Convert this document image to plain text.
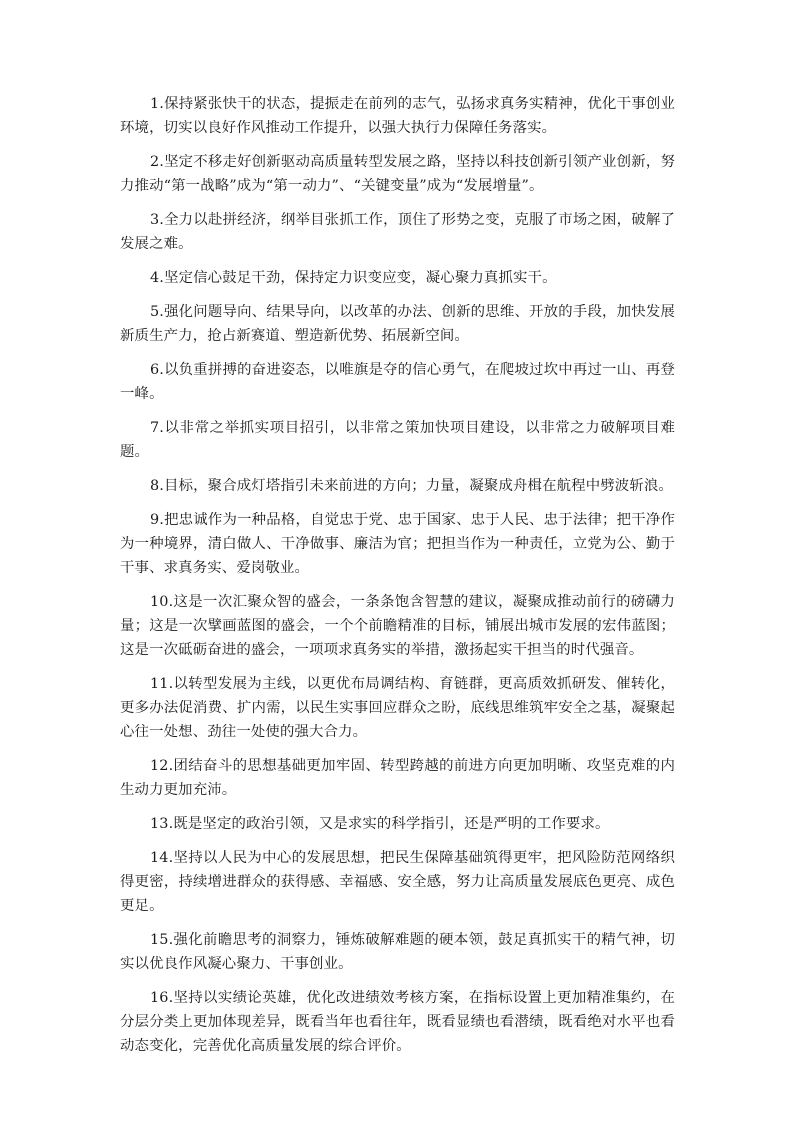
1.保持紧张快干的状态，提振走在前列的志气，弘扬求真务实精神，优化干事创业环境，切实以良好作风推动工作提升，以强大执行力保障任务落实。

2.坚定不移走好创新驱动高质量转型发展之路，坚持以科技创新引领产业创新，努力推动“第一战略”成为“第一动力”、“关键变量”成为“发展增量”。

3.全力以赴拼经济，纲举目张抓工作，顶住了形势之变，克服了市场之困，破解了发展之难。

4.坚定信心鼓足干劲，保持定力识变应变，凝心聚力真抓实干。

5.强化问题导向、结果导向，以改革的办法、创新的思维、开放的手段，加快发展新质生产力，抢占新赛道、塑造新优势、拓展新空间。

6.以负重拼搏的奋进姿态，以唯旗是夺的信心勇气，在爬坡过坎中再过一山、再登一峰。

7.以非常之举抓实项目招引，以非常之策加快项目建设，以非常之力破解项目难题。

8.目标，聚合成灯塔指引未来前进的方向；力量，凝聚成舟楫在航程中劈波斩浪。

9.把忠诚作为一种品格，自觉忠于党、忠于国家、忠于人民、忠于法律；把干净作为一种境界，清白做人、干净做事、廉洁为官；把担当作为一种责任，立党为公、勤于干事、求真务实、爱岗敬业。

10.这是一次汇聚众智的盛会，一条条饱含智慧的建议，凝聚成推动前行的磅礴力量；这是一次擘画蓝图的盛会，一个个前瞻精准的目标，铺展出城市发展的宏伟蓝图；这是一次砥砺奋进的盛会，一项项求真务实的举措，激扬起实干担当的时代强音。

11.以转型发展为主线，以更优布局调结构、育链群，更高质效抓研发、催转化，更多办法促消费、扩内需，以民生实事回应群众之盼，底线思维筑牢安全之基，凝聚起心往一处想、劲往一处使的强大合力。

12.团结奋斗的思想基础更加牢固、转型跨越的前进方向更加明晰、攻坚克难的内生动力更加充沛。

13.既是坚定的政治引领，又是求实的科学指引，还是严明的工作要求。

14.坚持以人民为中心的发展思想，把民生保障基础筑得更牢，把风险防范网络织得更密，持续增进群众的获得感、幸福感、安全感，努力让高质量发展底色更亮、成色更足。

15.强化前瞻思考的洞察力，锤炼破解难题的硬本领，鼓足真抓实干的精气神，切实以优良作风凝心聚力、干事创业。

16.坚持以实绩论英雄，优化改进绩效考核方案，在指标设置上更加精准集约，在分层分类上更加体现差异，既看当年也看往年，既看显绩也看潜绩，既看绝对水平也看动态变化，完善优化高质量发展的综合评价。
